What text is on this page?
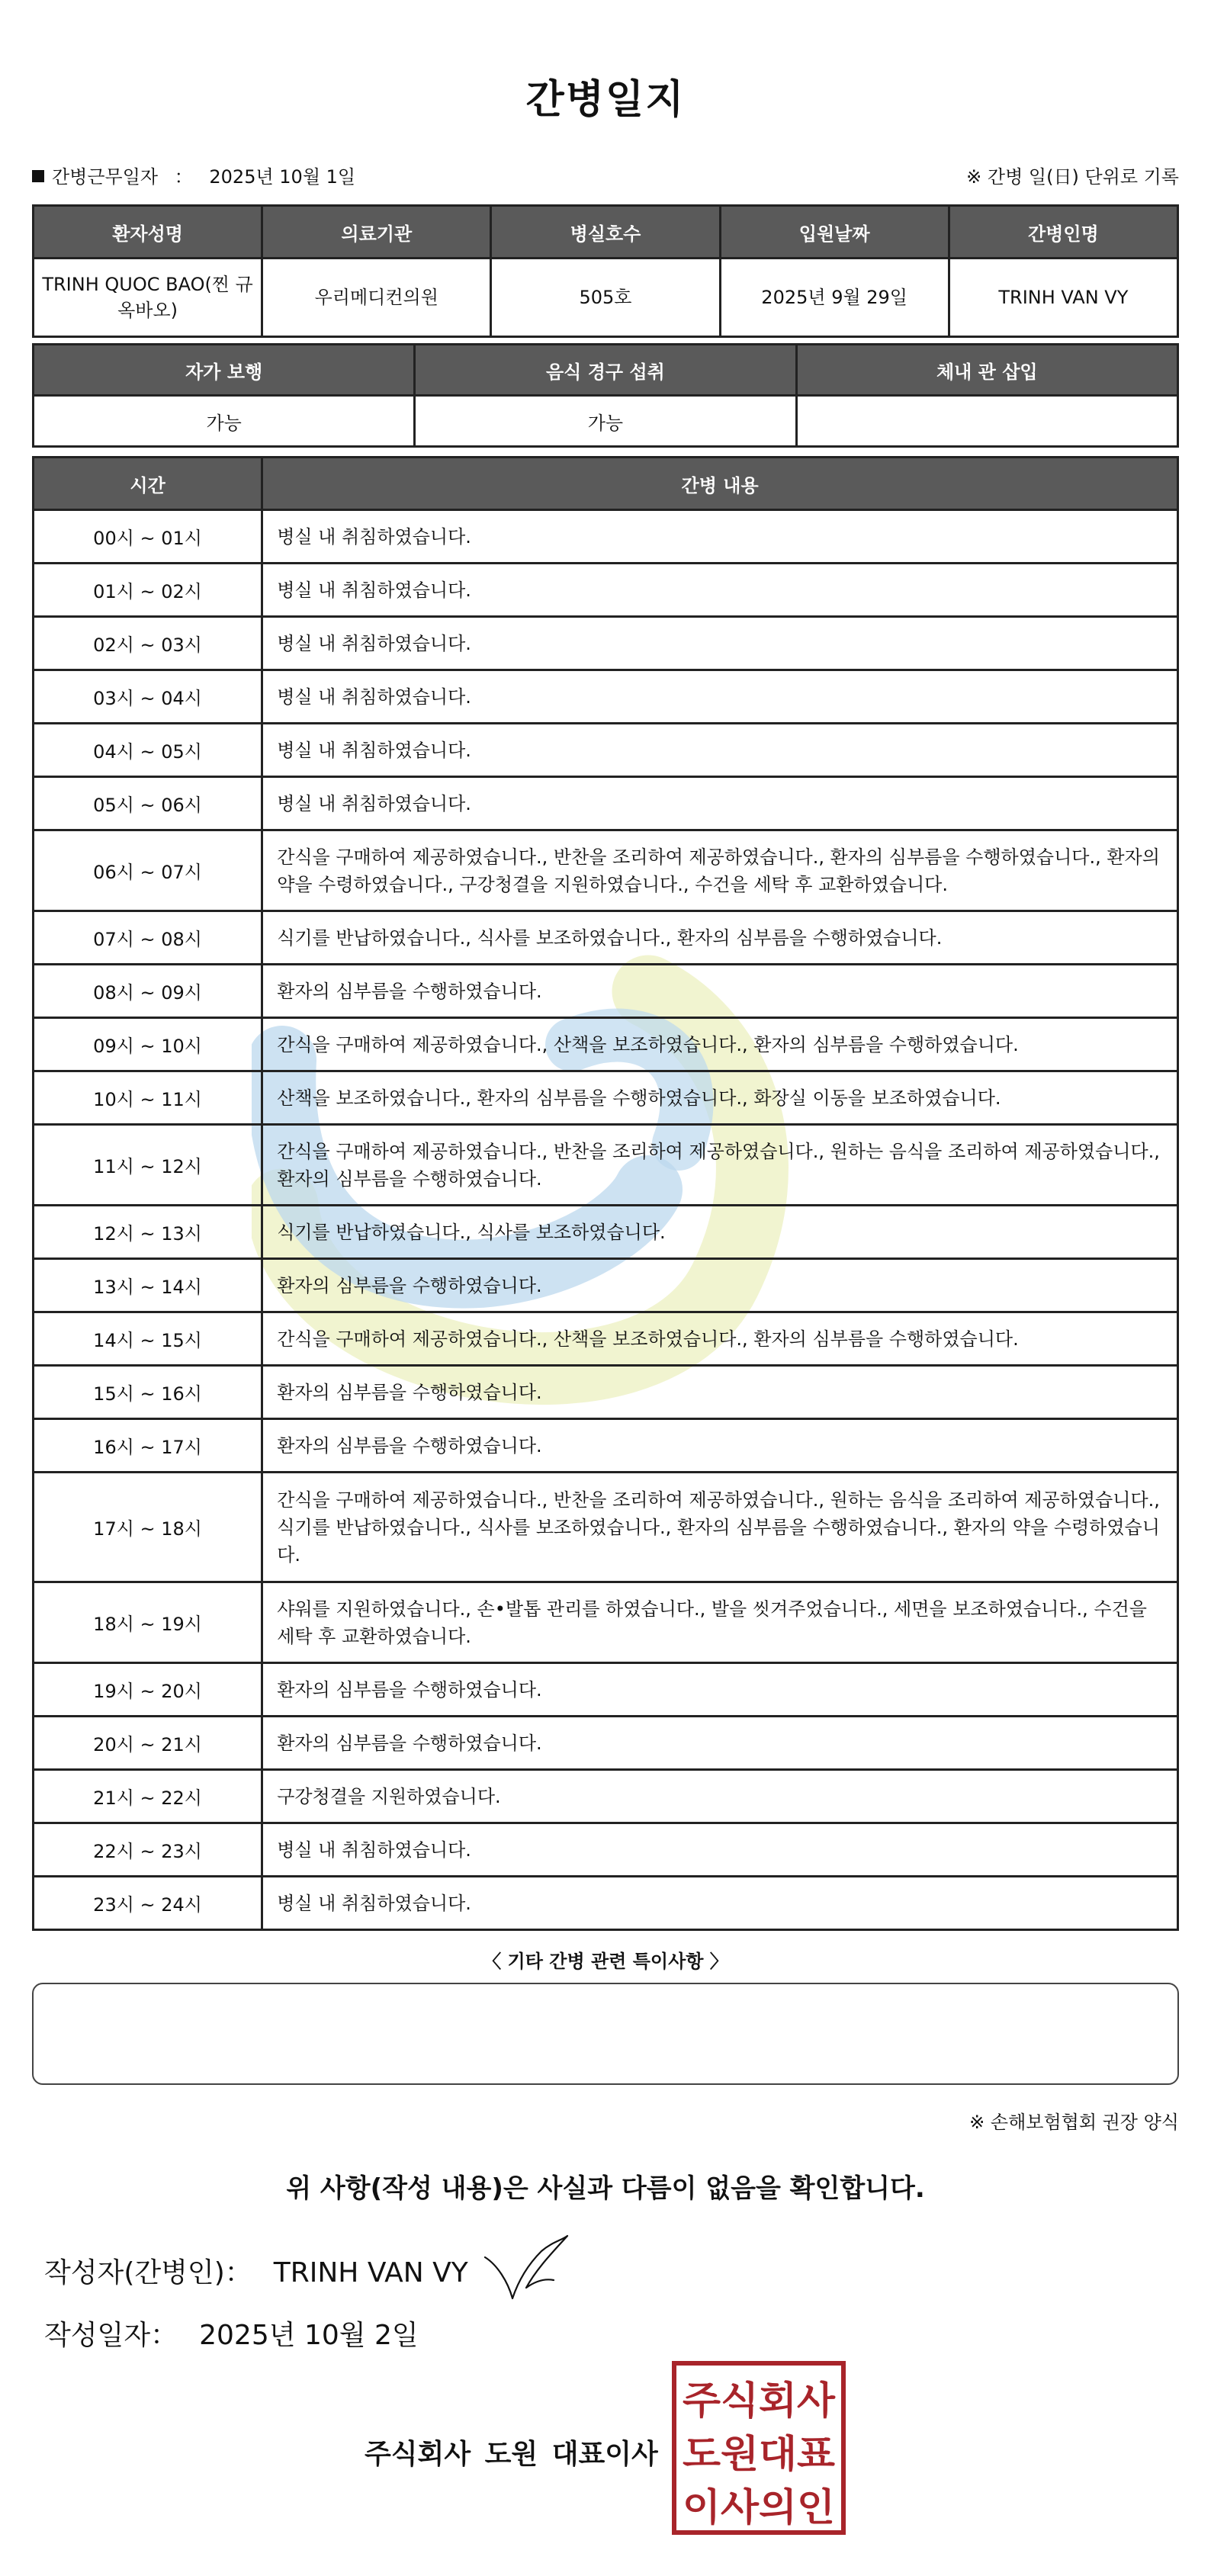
간병일지
간병근무일자 ： 2025년 10월 1일	※ 간병 일(日) 단위로 기록
환자성명	의료기관	병실호수	입원날짜	간병인명
TRINH QUOC BAO(찐 규옥바오)	우리메디컨의원	505호	2025년 9월 29일	TRINH VAN VY
자가 보행	음식 경구 섭취	체내 관 삽입
가능	가능	
시간	간병 내용
00시 ~ 01시	병실 내 취침하였습니다.
01시 ~ 02시	병실 내 취침하였습니다.
02시 ~ 03시	병실 내 취침하였습니다.
03시 ~ 04시	병실 내 취침하였습니다.
04시 ~ 05시	병실 내 취침하였습니다.
05시 ~ 06시	병실 내 취침하였습니다.
06시 ~ 07시	간식을 구매하여 제공하였습니다., 반찬을 조리하여 제공하였습니다., 환자의 심부름을 수행하였습니다., 환자의 약을 수령하였습니다., 구강청결을 지원하였습니다., 수건을 세탁 후 교환하였습니다.
07시 ~ 08시	식기를 반납하였습니다., 식사를 보조하였습니다., 환자의 심부름을 수행하였습니다.
08시 ~ 09시	환자의 심부름을 수행하였습니다.
09시 ~ 10시	간식을 구매하여 제공하였습니다., 산책을 보조하였습니다., 환자의 심부름을 수행하였습니다.
10시 ~ 11시	산책을 보조하였습니다., 환자의 심부름을 수행하였습니다., 화장실 이동을 보조하였습니다.
11시 ~ 12시	간식을 구매하여 제공하였습니다., 반찬을 조리하여 제공하였습니다., 원하는 음식을 조리하여 제공하였습니다., 환자의 심부름을 수행하였습니다.
12시 ~ 13시	식기를 반납하였습니다., 식사를 보조하였습니다.
13시 ~ 14시	환자의 심부름을 수행하였습니다.
14시 ~ 15시	간식을 구매하여 제공하였습니다., 산책을 보조하였습니다., 환자의 심부름을 수행하였습니다.
15시 ~ 16시	환자의 심부름을 수행하였습니다.
16시 ~ 17시	환자의 심부름을 수행하였습니다.
17시 ~ 18시	간식을 구매하여 제공하였습니다., 반찬을 조리하여 제공하였습니다., 원하는 음식을 조리하여 제공하였습니다., 식기를 반납하였습니다., 식사를 보조하였습니다., 환자의 심부름을 수행하였습니다., 환자의 약을 수령하였습니다.
18시 ~ 19시	샤워를 지원하였습니다., 손•발톱 관리를 하였습니다., 발을 씻겨주었습니다., 세면을 보조하였습니다., 수건을 세탁 후 교환하였습니다.
19시 ~ 20시	환자의 심부름을 수행하였습니다.
20시 ~ 21시	환자의 심부름을 수행하였습니다.
21시 ~ 22시	구강청결을 지원하였습니다.
22시 ~ 23시	병실 내 취침하였습니다.
23시 ~ 24시	병실 내 취침하였습니다.
〈 기타 간병 관련 특이사항 〉
※ 손해보험협회 권장 양식
위 사항(작성 내용)은 사실과 다름이 없음을 확인합니다.
작성자(간병인)： TRINH VAN VY
작성일자： 2025년 10월 2일
주식회사 도원 대표이사
주식회사
도원대표
이사의인
